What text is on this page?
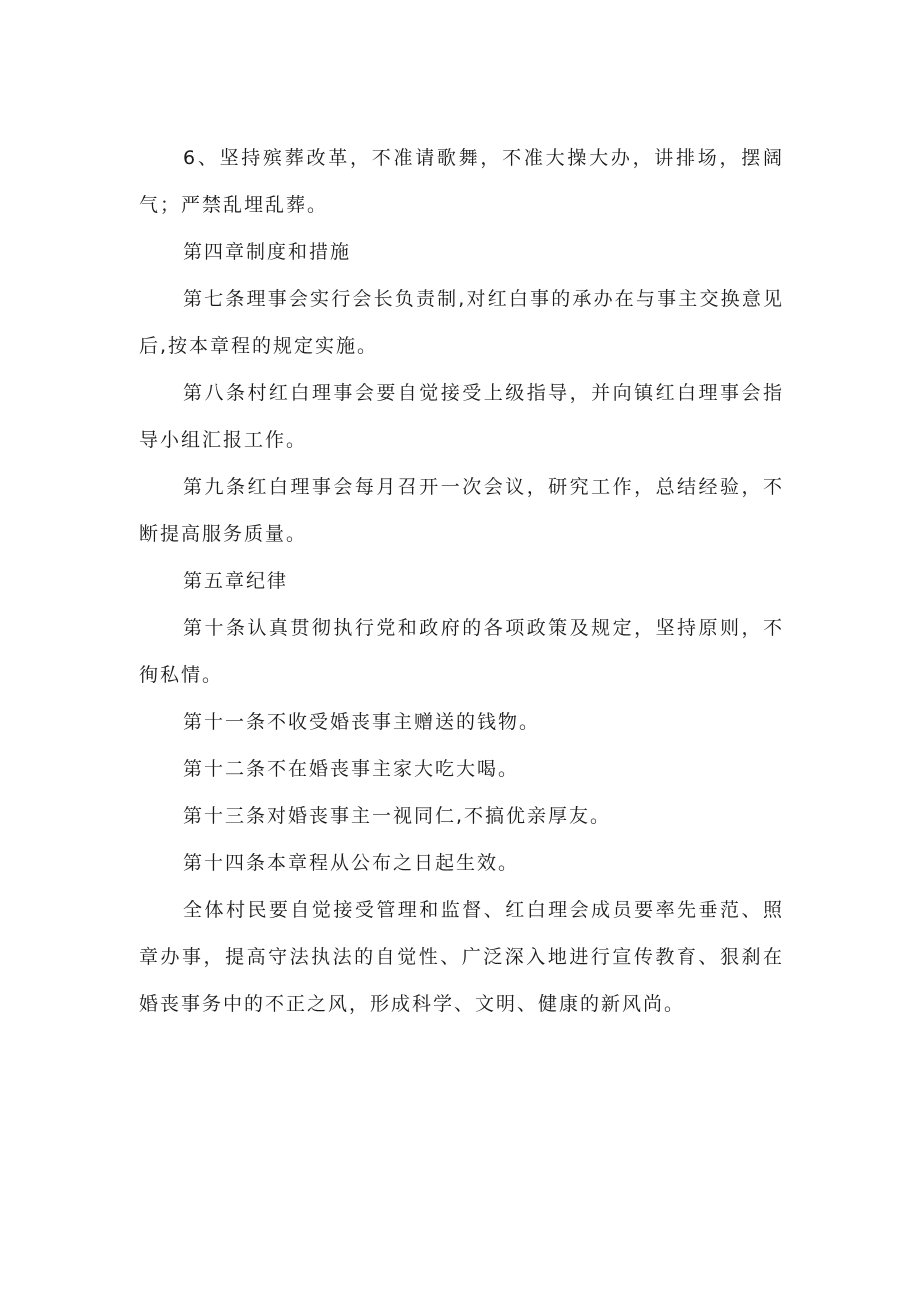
6、坚持殡葬改革，不准请歌舞，不准大操大办，讲排场，摆阔气；严禁乱埋乱葬。

第四章制度和措施

第七条理事会实行会长负责制,对红白事的承办在与事主交换意见后,按本章程的规定实施。

第八条村红白理事会要自觉接受上级指导，并向镇红白理事会指导小组汇报工作。

第九条红白理事会每月召开一次会议，研究工作，总结经验，不断提高服务质量。

第五章纪律

第十条认真贯彻执行党和政府的各项政策及规定，坚持原则，不徇私情。

第十一条不收受婚丧事主赠送的钱物。

第十二条不在婚丧事主家大吃大喝。

第十三条对婚丧事主一视同仁,不搞优亲厚友。

第十四条本章程从公布之日起生效。

全体村民要自觉接受管理和监督、红白理会成员要率先垂范、照章办事，提高守法执法的自觉性、广泛深入地进行宣传教育、狠刹在婚丧事务中的不正之风，形成科学、文明、健康的新风尚。
